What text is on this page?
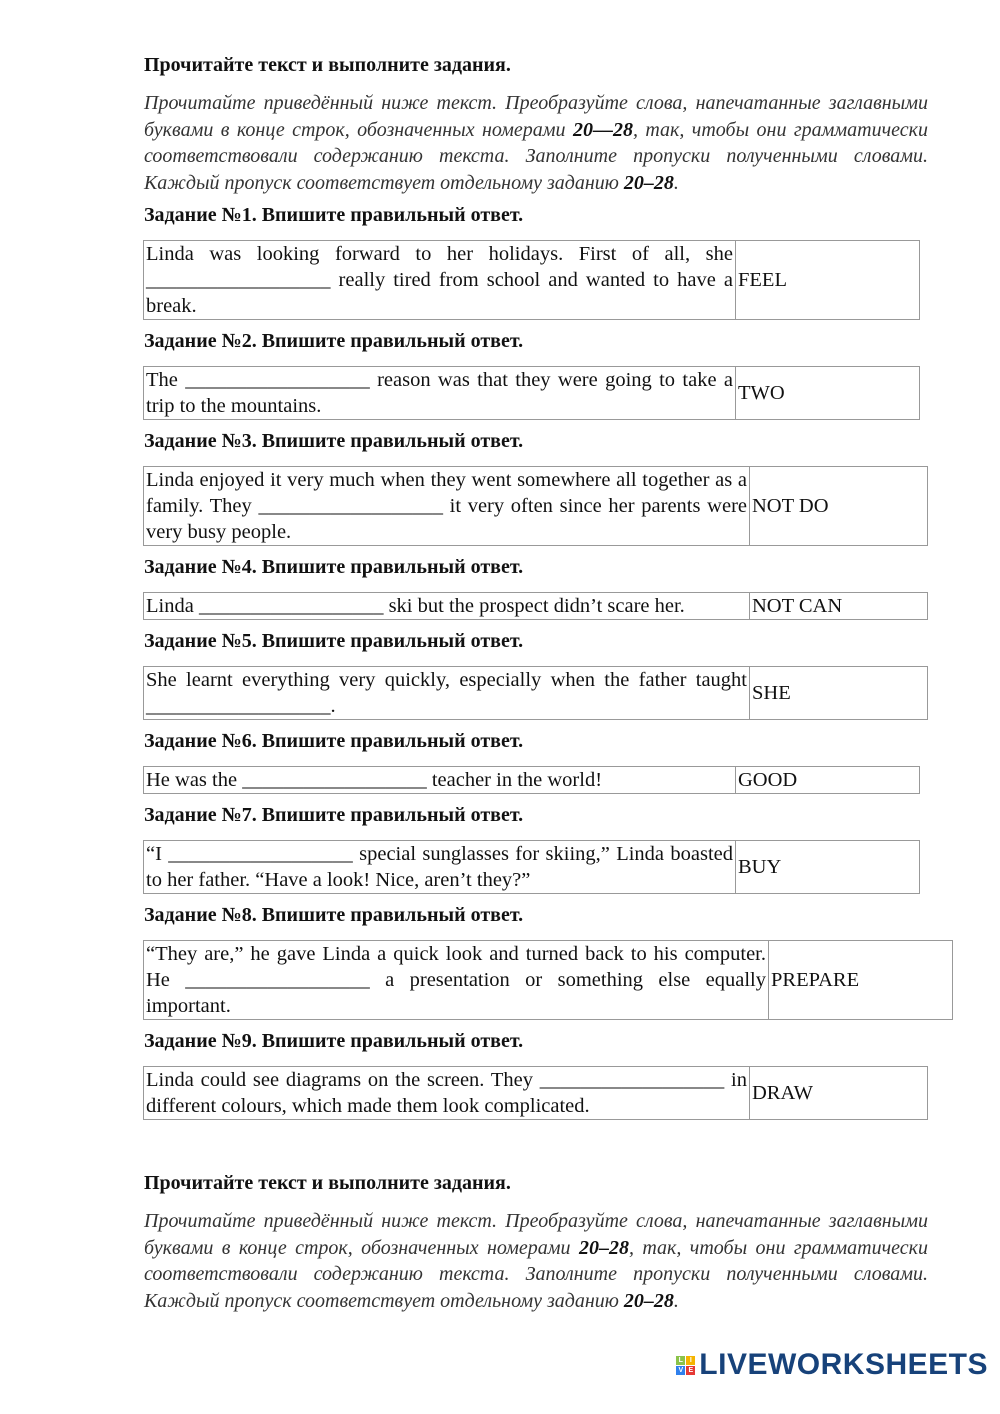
Прочитайте текст и выполните задания.
Прочитайте приведённый ниже текст. Преобразуйте слова, напечатанные заглавными буквами в конце строк, обозначенных номерами 20––28, так, чтобы они грамматически соответствовали содержанию текста. Заполните пропуски полученными словами. Каждый пропуск соответствует отдельному заданию 20–28.
Задание №1. Впишите правильный ответ.
Linda was looking forward to her holidays. First of all, she __________________ really tired from school and wanted to have a break.	FEEL
Задание №2. Впишите правильный ответ.
The __________________ reason was that they were going to take a trip to the mountains.	TWO
Задание №3. Впишите правильный ответ.
Linda enjoyed it very much when they went somewhere all together as a family. They __________________ it very often since her parents were very busy people.	NOT DO
Задание №4. Впишите правильный ответ.
Linda __________________ ski but the prospect didn’t scare her.	NOT CAN
Задание №5. Впишите правильный ответ.
She learnt everything very quickly, especially when the father taught __________________.	SHE
Задание №6. Впишите правильный ответ.
He was the __________________ teacher in the world!	GOOD
Задание №7. Впишите правильный ответ.
“I __________________ special sunglasses for skiing,” Linda boasted to her father. “Have a look! Nice, aren’t they?”	BUY
Задание №8. Впишите правильный ответ.
“They are,” he gave Linda a quick look and turned back to his computer. He __________________ a presentation or something else equally important.	PREPARE
Задание №9. Впишите правильный ответ.
Linda could see diagrams on the screen. They __________________ in different colours, which made them look complicated.	DRAW
Прочитайте текст и выполните задания.
Прочитайте приведённый ниже текст. Преобразуйте слова, напечатанные заглавными буквами в конце строк, обозначенных номерами 20–28, так, чтобы они грамматически соответствовали содержанию текста. Заполните пропуски полученными словами. Каждый пропуск соответствует отдельному заданию 20–28.
L I
V E LIVEWORKSHEETS
